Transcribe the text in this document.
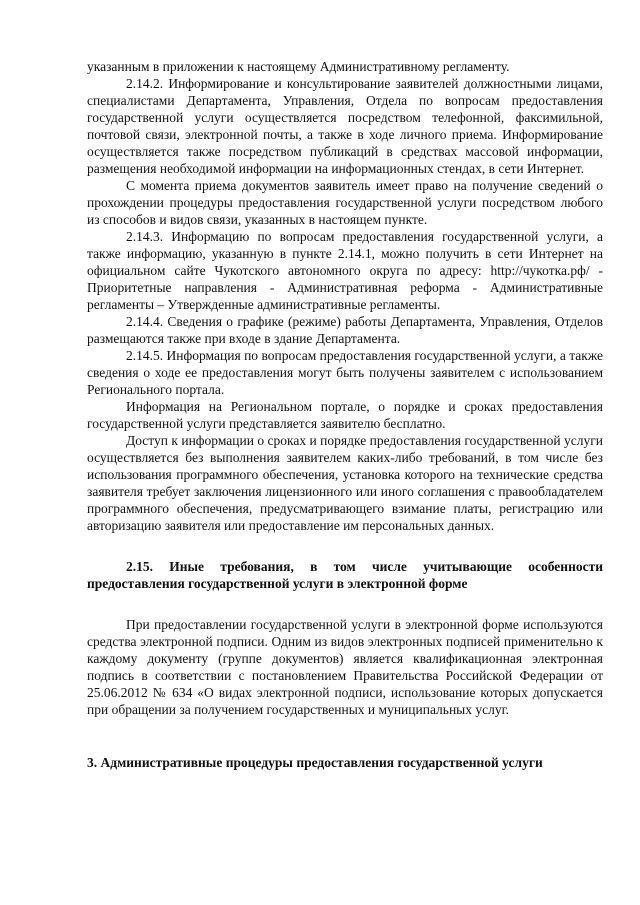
указанным в приложении к настоящему Административному регламенту.

2.14.2. Информирование и консультирование заявителей должностными лицами, специалистами Департамента, Управления, Отдела по вопросам предоставления государственной услуги осуществляется посредством телефонной, факсимильной, почтовой связи, электронной почты, а также в ходе личного приема. Информирование осуществляется также посредством публикаций в средствах массовой информации, размещения необходимой информации на информационных стендах, в сети Интернет.

С момента приема документов заявитель имеет право на получение сведений о прохождении процедуры предоставления государственной услуги посредством любого из способов и видов связи, указанных в настоящем пункте.

2.14.3. Информацию по вопросам предоставления государственной услуги, а также информацию, указанную в пункте 2.14.1, можно получить в сети Интернет на официальном сайте Чукотского автономного округа по адресу: http://чукотка.рф/ - Приоритетные направления - Административная реформа - Административные регламенты – Утвержденные административные регламенты.

2.14.4. Сведения о графике (режиме) работы Департамента, Управления, Отделов размещаются также при входе в здание Департамента.

2.14.5. Информация по вопросам предоставления государственной услуги, а также сведения о ходе ее предоставления могут быть получены заявителем с использованием Регионального портала.

Информация на Региональном портале, о порядке и сроках предоставления государственной услуги представляется заявителю бесплатно.

Доступ к информации о сроках и порядке предоставления государственной услуги осуществляется без выполнения заявителем каких-либо требований, в том числе без использования программного обеспечения, установка которого на технические средства заявителя требует заключения лицензионного или иного соглашения с правообладателем программного обеспечения, предусматривающего взимание платы, регистрацию или авторизацию заявителя или предоставление им персональных данных.

2.15. Иные требования, в том числе учитывающие особенности предоставления государственной услуги в электронной форме

При предоставлении государственной услуги в электронной форме используются средства электронной подписи. Одним из видов электронных подписей применительно к каждому документу (группе документов) является квалификационная электронная подпись в соответствии с постановлением Правительства Российской Федерации от 25.06.2012 № 634 «О видах электронной подписи, использование которых допускается при обращении за получением государственных и муниципальных услуг.

3. Административные процедуры предоставления государственной услуги
